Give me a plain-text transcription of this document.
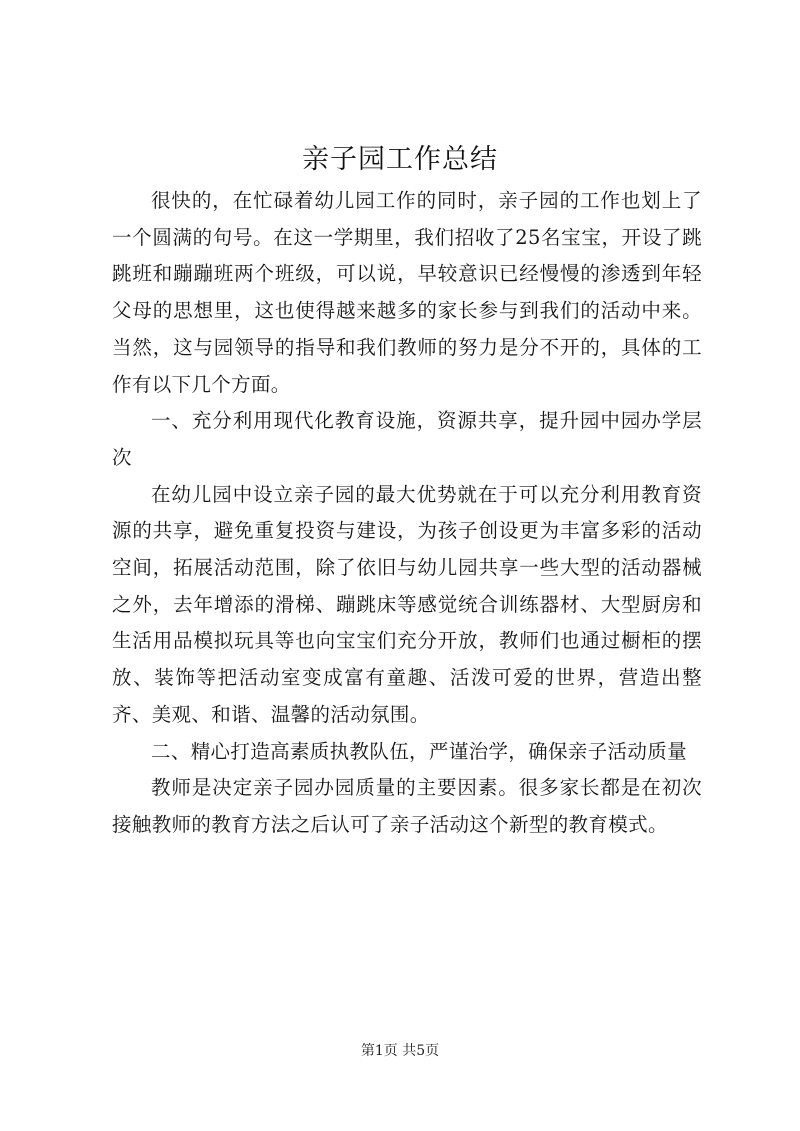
亲子园工作总结

很快的，在忙碌着幼儿园工作的同时，亲子园的工作也划上了一个圆满的句号。在这一学期里，我们招收了25名宝宝，开设了跳跳班和蹦蹦班两个班级，可以说，早较意识已经慢慢的渗透到年轻父母的思想里，这也使得越来越多的家长参与到我们的活动中来。当然，这与园领导的指导和我们教师的努力是分不开的，具体的工作有以下几个方面。

一、充分利用现代化教育设施，资源共享，提升园中园办学层次

在幼儿园中设立亲子园的最大优势就在于可以充分利用教育资源的共享，避免重复投资与建设，为孩子创设更为丰富多彩的活动空间，拓展活动范围，除了依旧与幼儿园共享一些大型的活动器械之外，去年增添的滑梯、蹦跳床等感觉统合训练器材、大型厨房和生活用品模拟玩具等也向宝宝们充分开放，教师们也通过橱柜的摆放、装饰等把活动室变成富有童趣、活泼可爱的世界，营造出整齐、美观、和谐、温馨的活动氛围。

二、精心打造高素质执教队伍，严谨治学，确保亲子活动质量

教师是决定亲子园办园质量的主要因素。很多家长都是在初次接触教师的教育方法之后认可了亲子活动这个新型的教育模式。

第1页 共5页
